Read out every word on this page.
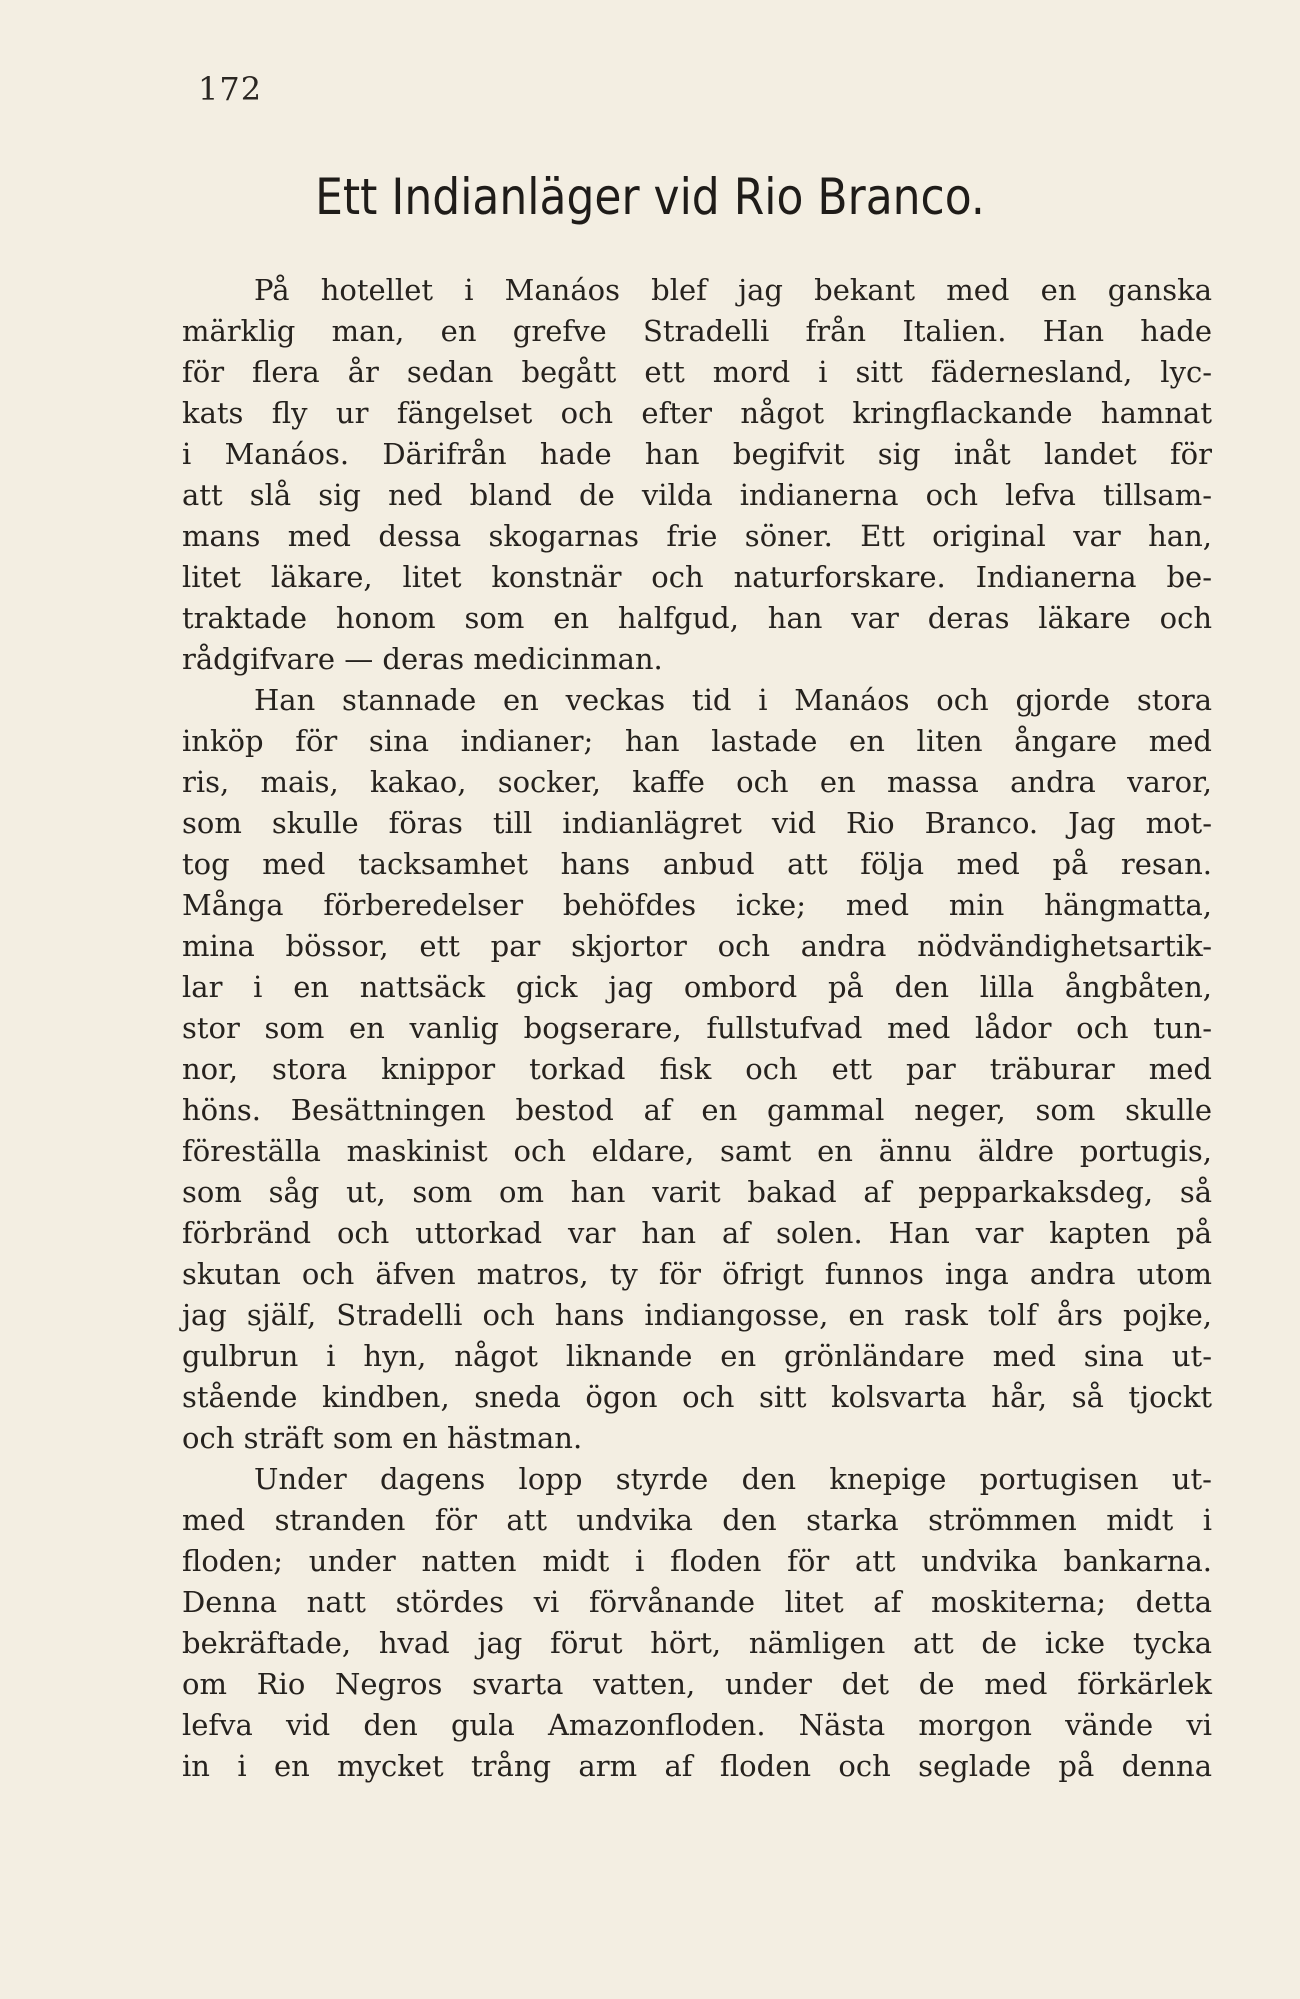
172
Ett Indianläger vid Rio Branco.
På hotellet i Manáos blef jag bekant med en ganska
märklig man, en grefve Stradelli från Italien. Han hade
för flera år sedan begått ett mord i sitt fäderneslаnd, lyc-
kats fly ur fängelset och efter något kringflackande hamnat
i Manáos. Därifrån hade han begifvit sig inåt landet för
att slå sig ned bland de vilda indianerna och lefva tillsam-
mans med dessa skogarnas frie söner. Ett original var han,
litet läkare, litet konstnär och naturforskare. Indianerna be-
traktade honom som en halfgud, han var deras läkare och
rådgifvare — deras medicinman.
Han stannade en veckas tid i Manáos och gjorde stora
inköp för sina indianer; han lastade en liten ångare med
ris, mais, kakao, socker, kaffe och en massa andra varor,
som skulle föras till indianlägret vid Rio Branco. Jag mot-
tog med tacksamhet hans anbud att följa med på resan.
Många förberedelser behöfdes icke; med min hängmatta,
mina bössor, ett par skjortor och andra nödvändighetsartik-
lar i en nattsäck gick jag ombord på den lilla ångbåten,
stor som en vanlig bogserare, fullstufvad med lådor och tun-
nor, stora knippor torkad fisk och ett par träburar med
höns. Besättningen bestod af en gammal neger, som skulle
föreställa maskinist och eldare, samt en ännu äldre portugis,
som såg ut, som om han varit bakad af pepparkaksdeg, så
förbränd och uttorkad var han af solen. Han var kapten på
skutan och äfven matros, ty för öfrigt funnos inga andra utom
jag själf, Stradelli och hans indiangosse, en rask tolf års pojke,
gulbrun i hyn, något liknande en grönländare med sina ut-
stående kindben, sneda ögon och sitt kolsvarta hår, så tjockt
och sträft som en hästman.
Under dagens lopp styrde den knepige portugisen ut-
med stranden för att undvika den starka strömmen midt i
floden; under natten midt i floden för att undvika bankarna.
Denna natt stördes vi förvånande litet af moskiterna; detta
bekräftade, hvad jag förut hört, nämligen att de icke tycka
om Rio Negros svarta vatten, under det de med förkärlek
lefva vid den gula Amazonfloden. Nästa morgon vände vi
in i en mycket trång arm af floden och seglade på denna
